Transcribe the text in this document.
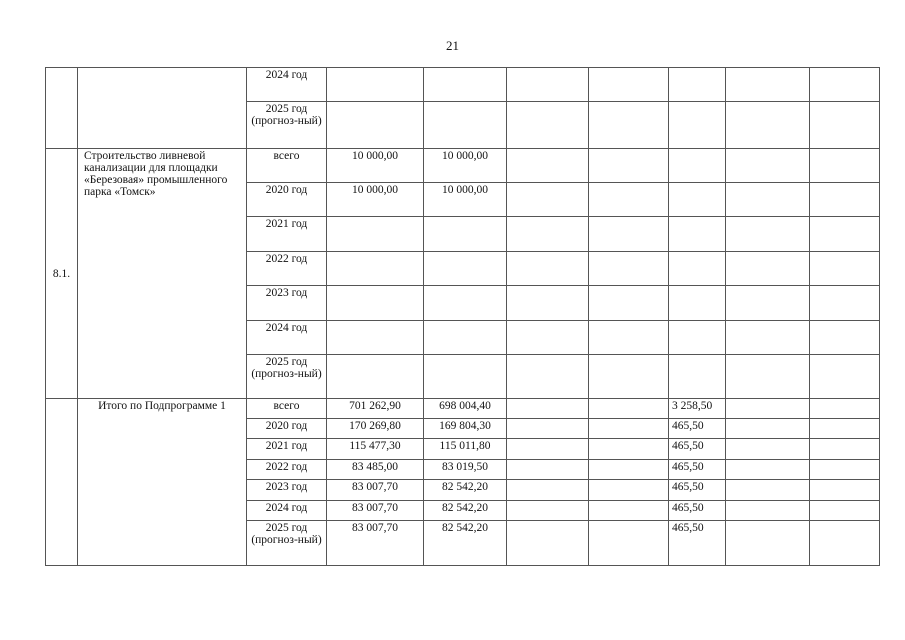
21
		2024 год							
		2025 год (прогноз-ный)							
8.1.	Строительство ливневой канализации для площадки «Березовая» промышленного парка «Томск»	всего	10 000,00	10 000,00					
		2020 год	10 000,00	10 000,00					
		2021 год							
		2022 год							
		2023 год							
		2024 год							
		2025 год (прогноз-ный)							
	Итого по Подпрограмме 1	всего	701 262,90	698 004,40			3 258,50		
		2020 год	170 269,80	169 804,30			465,50		
		2021 год	115 477,30	115 011,80			465,50		
		2022 год	83 485,00	83 019,50			465,50		
		2023 год	83 007,70	82 542,20			465,50		
		2024 год	83 007,70	82 542,20			465,50		
		2025 год (прогноз-ный)	83 007,70	82 542,20			465,50		
